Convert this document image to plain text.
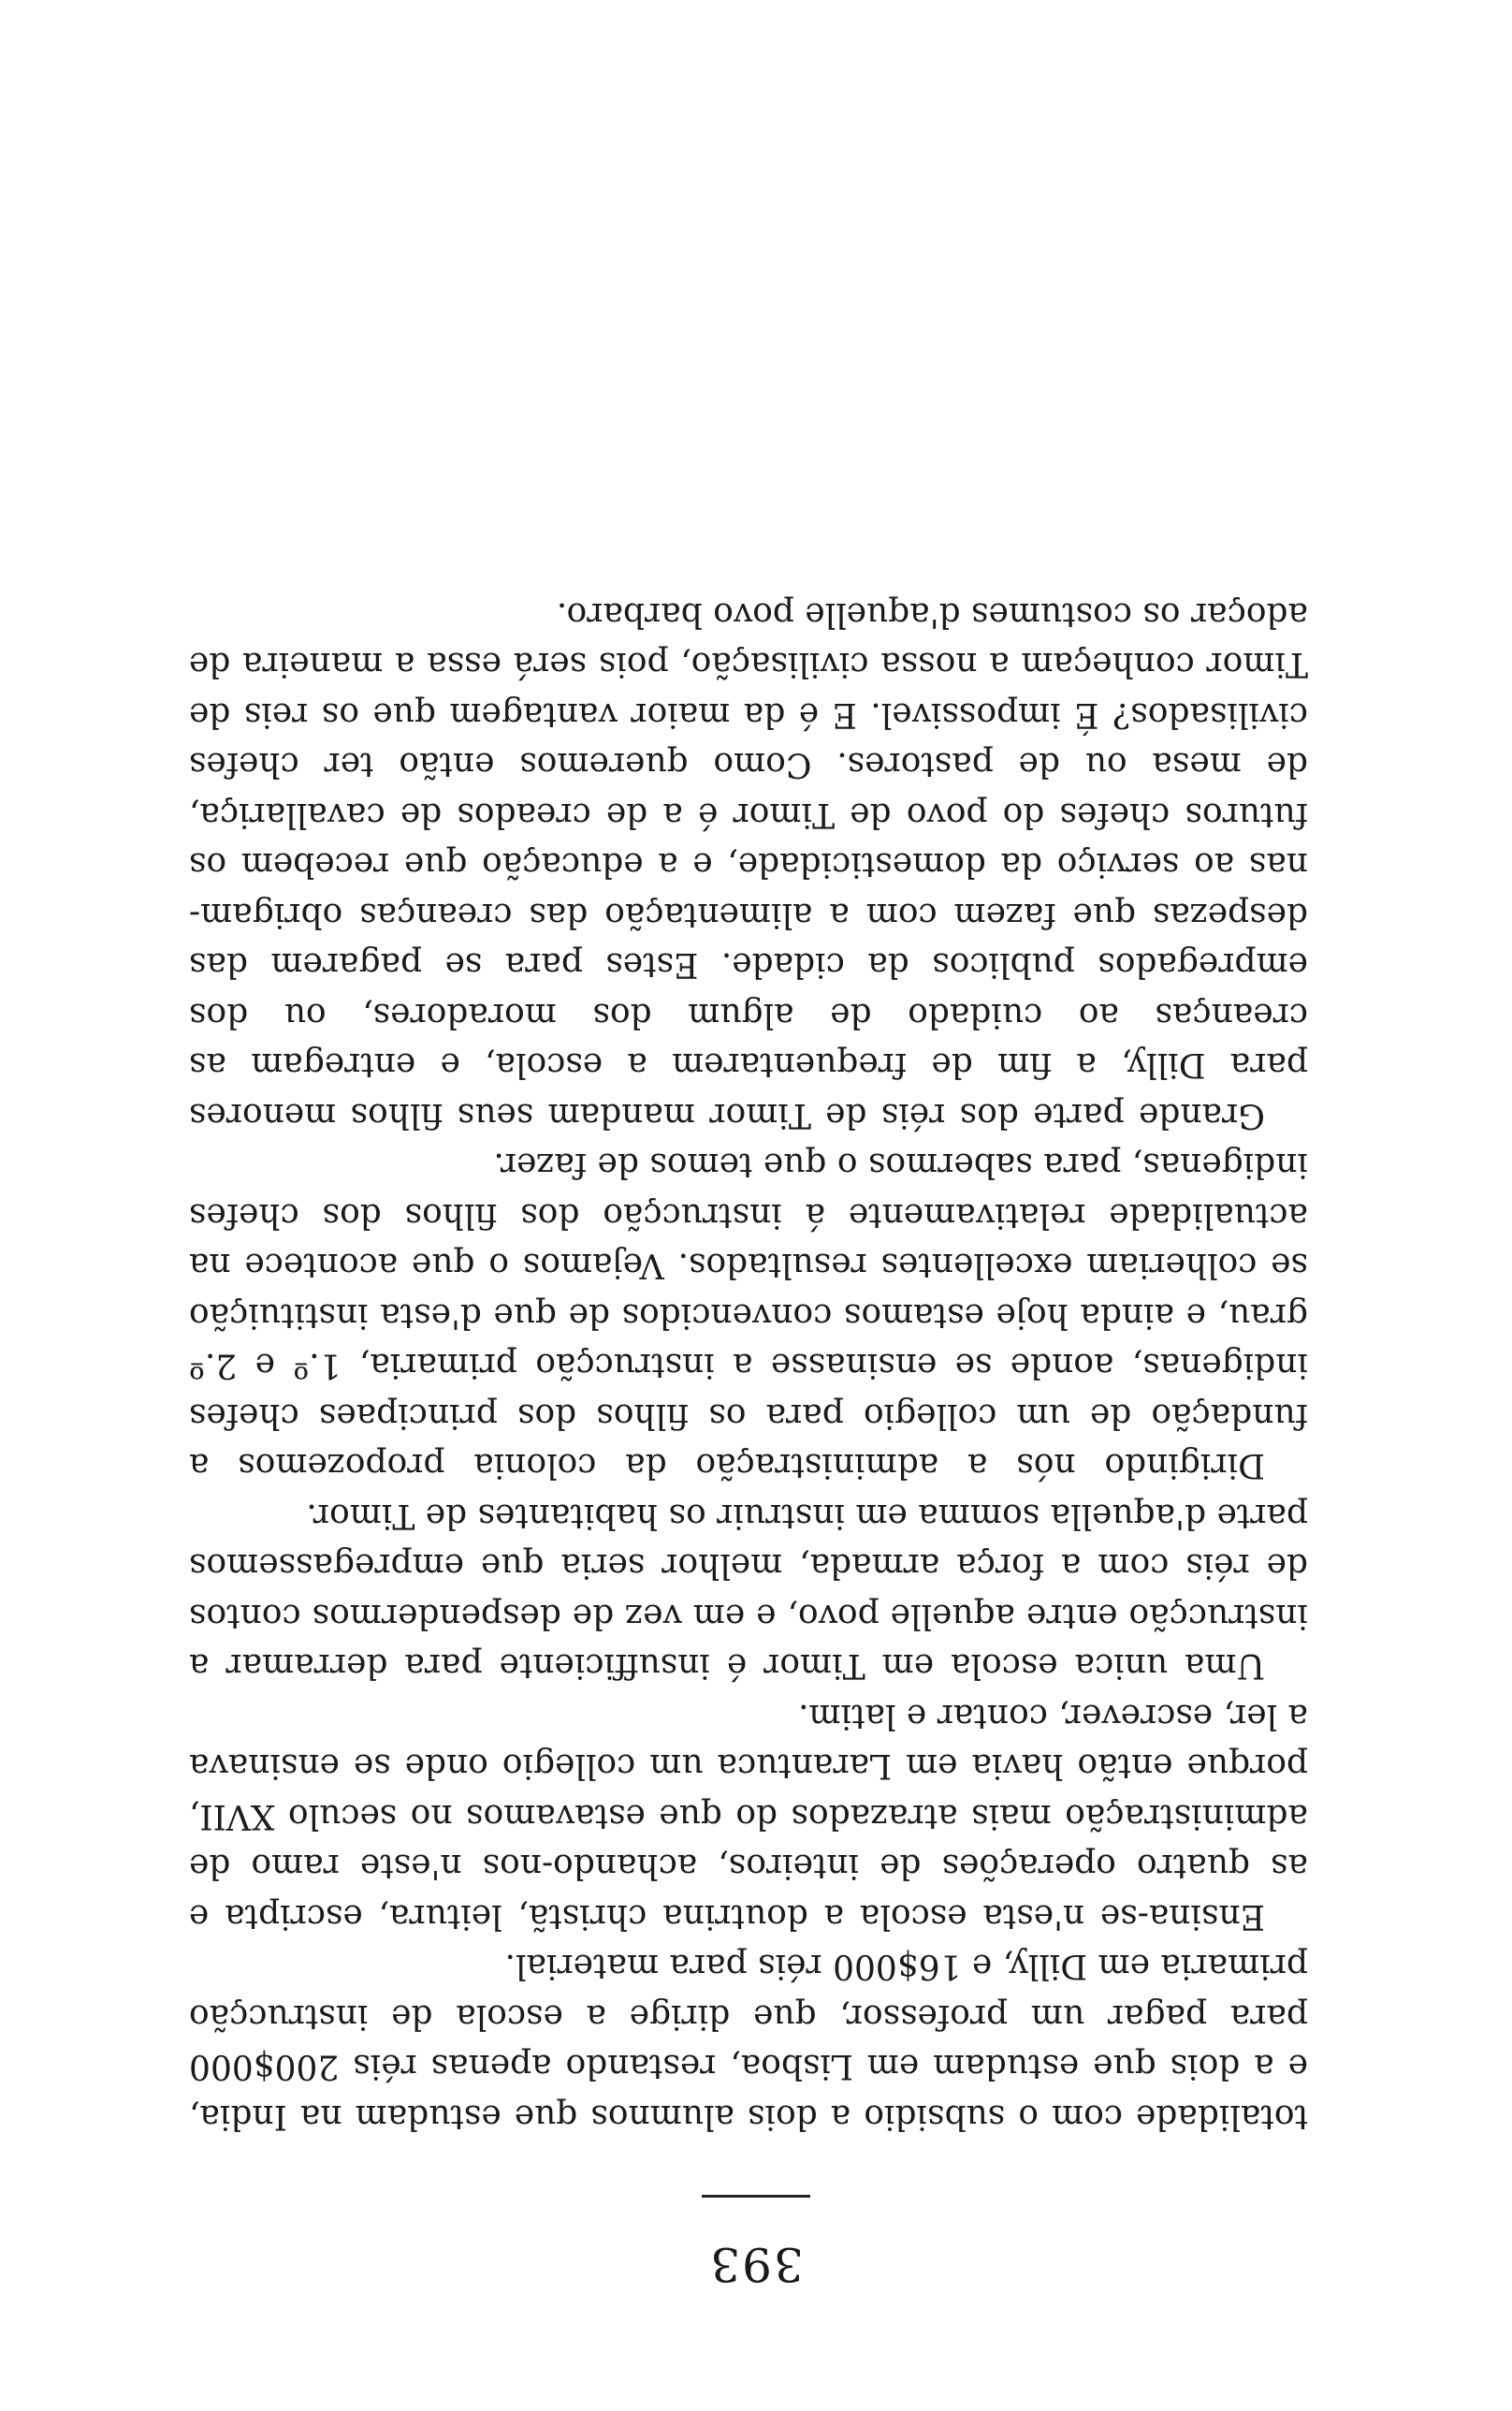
393

totalidade com o subsidio a dois alumnos que estudam na India, e a dois que estudam em Lisboa, restando apenas réis 200$000 para pagar um professor, que dirige a escola de instrucção primaria em Dilly, e 16$000 réis para material.

Ensina-se n'esta escola a doutrina christã, leitura, escripta e as quatro operações de inteiros, achando-nos n'este ramo de administração mais atrazados do que estavamos no seculo XVII, porque então havia em Larantuca um collegio onde se ensinava a ler, escrever, contar e latim.

Uma unica escola em Timor é insufficiente para derramar a instrucção entre aquelle povo, e em vez de despendermos contos de réis com a força armada, melhor seria que empregassemos parte d'aquella somma em instruir os habitantes de Timor.

Dirigindo nós a administração da colonia propozemos a fundação de um collegio para os filhos dos principaes chefes indigenas, aonde se ensinasse a instrucção primaria, 1.º e 2.º grau, e ainda hoje estamos convencidos de que d'esta instituição se colheriam excellentes resultados. Vejamos o que acontece na actualidade relativamente á instrucção dos filhos dos chefes indigenas, para sabermos o que temos de fazer.

Grande parte dos réis de Timor mandam seus filhos menores para Dilly, a fim de frequentarem a escola, e entregam as creanças ao cuidado de algum dos moradores, ou dos empregados publicos da cidade. Estes para se pagarem das despezas que fazem com a alimentação das creanças obrigam-nas ao serviço da domesticidade, e a educação que recebem os futuros chefes do povo de Timor é a de creados de cavallariça, de mesa ou de pastores. Como queremos então ter chefes civilisados? É impossivel. E é da maior vantagem que os reis de Timor conheçam a nossa civilisação, pois será essa a maneira de adoçar os costumes d'aquelle povo barbaro.
